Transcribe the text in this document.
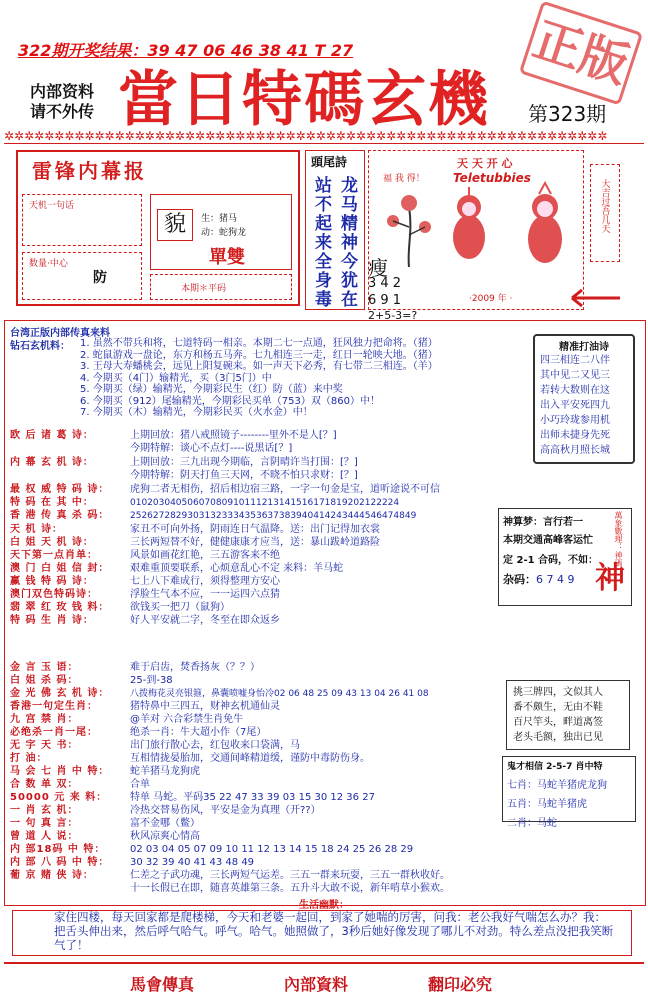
322期开奖结果：39 47 06 46 38 41 T 27	正版
内部资料
请不外传 當日特碼玄機 第323期
✲✲✲✲✲✲✲✲✲✲✲✲✲✲✲✲✲✲✲✲✲✲✲✲✲✲✲✲✲✲✲✲✲✲✲✲✲✲✲✲✲✲✲✲✲✲✲✲✲✲✲✲✲✲✲✲✲✲✲✲
雷锋内幕报
天机一句话
数量·中心
防
貌	生：猪马
动：蛇狗龙
單雙
本期＊平码
頭尾詩
龙马精神今犹在
站不起来全身毒	福 我 得！
天 天 开 心
Teletubbies
·2009 年 ·
瘦
3 4 2
6 9 1
2+5-3=?
大吉过吾几天
台湾正版内部传真来料
钻石玄机料： 1. 虽然不带兵和将，七道特码一相亲。本期二七一点通，狂风独力把命将。（猪）
2. 蛇鼠游戏一盘论，东方和杨五马奔。七九相连三一走，红日一轮映大地。（猪）
3. 王母大寿蟠桃会，远见上阳复碗来。如一声天下必秀，有七带二三相连。（羊）
4. 今期买（4门）输精光，买（3门5门）中
5. 今期买（绿）输精光，今期彩民生（红）防（蓝）来中奖
6. 今期买（912）尾输精光，今期彩民买单（753）双（860）中！
7. 今期买（木）输精光，今期彩民买（火水金）中！
欧 后 诸 葛 诗：	上期回放：猪八戒照镜子--------里外不是人[？]
今期特解：谈心不点灯----说黑话[？]
内 幕 玄 机 诗：	上期回放：三九出现今期临，言阴晴许当打围：[？]
今期特解：阴天打鱼三天网，不晓不怕只求财：[？]
最 权 威 特 码 诗： 虎狗二者无相伤，招后相边宿三路，一字一句金是宝，道听途说不可信
特 码 在 其 中：	01020304050607080910111213141516171819202122224
香 港 传 真 杀 码： 25262728293031323334353637383940414243444546474849
天 机 诗：	家丑不可向外扬，阴雨连日气温降。送：出门记得加衣裳
白 姐 天 机 诗：	三长两短替不好，健健康康才应当，送：暴山跋岭道路险
天下第一点肖单：	风景如画花红艳，三五游客来不绝
澳 门 白 姐 信 封： 艰难重顶要联系，心烦意乱心不定 来料：羊马蛇
赢 钱 特 码 诗：	七上八下难成行，须得整理方安心
澳门双色特码诗：	浮脸生气本不应，一一运四六点猜
翡 翠 红 玫 钱 料： 欲钱买一把刀（鼠狗）
特 码 生 肖 诗：	好人平安就二字，冬至在即众返乡
金 言 玉 语：	难于启齿，焚香扬灰（？？）
白 姐 杀 码：	25-到-38
金 光 佛 玄 机 诗： 八拨梅花灵亮银箍，鼻囊喷嘘身怡冷02 06 48 25 09 43 13 04 26 41 08
香港一句定生肖：	猪特鼻中三四五，财神玄机通仙灵
九 宫 禁 肖：	@羊对 六合彩禁生肖免牛
必绝杀一肖一尾：	绝杀一肖：牛大超小作（7尾）
无 字 天 书：	出门旅行散心去，红包收来口袋满，马
打 油：	互相情拢晏胎加，交通间峰精道缓，谨防中毒防伤身。
马 会 七 肖 中 特： 蛇羊猪马龙狗虎
合 数 单 双：	合单
50000 元 来 料： 特单 马蛇。平码35 22 47 33 39 03 15 30 12 36 27
一 肖 玄 机：	冷热交替易伤风，平安是金为真理（开??）
一 句 真 言：	富不金哪（鳖）
曾 道 人 说：	秋风凉爽心情高
内 部18码 中 特： 02 03 04 05 07 09 10 11 12 13 14 15 18 24 25 26 28 29
内 部 八 码 中 特： 30 32 39 40 41 43 48 49
葡 京 赌 侠 诗：	仁差之子武功魂，三长两短气运差。三五一群来玩耍，三五一群秋收好。
十一长假已在即，随喜英雄第三条。五升斗大敢不说，新年啃草小猴欢。
精准打油诗
四三相连二八伴
其中见二又见三
若转大数则在这
出入平安死四九
小巧玲珑参用机
出师未捷身先死
高高秋月照长城
神算梦：言行若一
本期交通高峰客运忙
定 2-1 合码，不如：
杂码：6 7 4 9 神
萬象數理：神碼
挑三牌四，文似其人
番不颇生，无由不鞋
百尺竿头，畔道离签
老头毛额，独出已见
鬼才相信 2-5-7 肖中特
七肖：马蛇羊猪虎龙狗
五肖：马蛇羊猪虎
二肖：马蛇
生活幽默：
家住四楼，每天回家都是爬楼梯，今天和老婆一起回，到家了她喘的厉害，问我：老公我好气喘怎么办？我：把舌头伸出来，然后呼气哈气。呼气。哈气。她照做了，3秒后她好像发现了哪儿不对劲。特么差点没把我笑断气了！
馬會傳真	內部資料	翻印必究
